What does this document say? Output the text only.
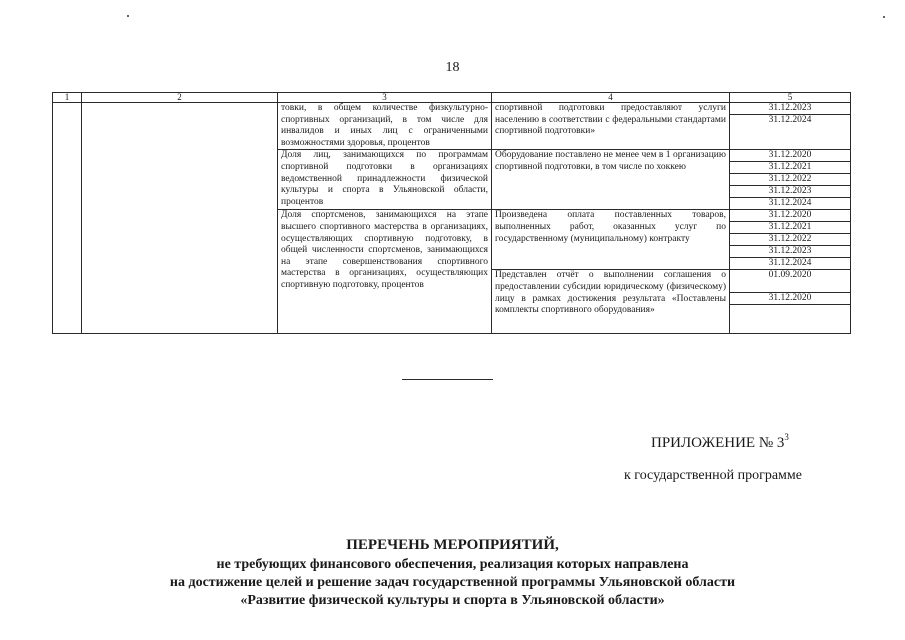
18
1	2	3	4	5
		товки, в общем количестве физкультурно-спортивных организаций, в том числе для инвалидов и иных лиц с ограниченными возможностями здоровья, процентов	спортивной подготовки предоставляют услуги населению в соответствии с федеральными стандартами спортивной подготовки»	31.12.2023
				31.12.2024
		Доля лиц, занимающихся по программам спортивной подготовки в организациях ведомственной принадлежности физической культуры и спорта в Ульяновской области, процентов	Оборудование поставлено не менее чем в 1 организацию спортивной подготовки, в том числе по хоккею	31.12.2020
				31.12.2021
				31.12.2022
				31.12.2023
				31.12.2024
		Доля спортсменов, занимающихся на этапе высшего спортивного мастерства в организациях, осуществляющих спортивную подготовку, в общей численности спортсменов, занимающихся на этапе совершенствования спортивного мастерства в организациях, осуществляющих спортивную подготовку, процентов	Произведена оплата поставленных товаров, выполненных работ, оказанных услуг по государственному (муниципальному) контракту	31.12.2020
				31.12.2021
				31.12.2022
				31.12.2023
				31.12.2024
			Представлен отчёт о выполнении соглашения о предоставлении субсидии юридическому (физическому) лицу в рамках достижения результата «Поставлены комплекты спортивного оборудования»	01.09.2020
				31.12.2020

ПРИЛОЖЕНИЕ № $3^3$
к государственной программе
ПЕРЕЧЕНЬ МЕРОПРИЯТИЙ,
не требующих финансового обеспечения, реализация которых направлена
на достижение целей и решение задач государственной программы Ульяновской области
«Развитие физической культуры и спорта в Ульяновской области»
